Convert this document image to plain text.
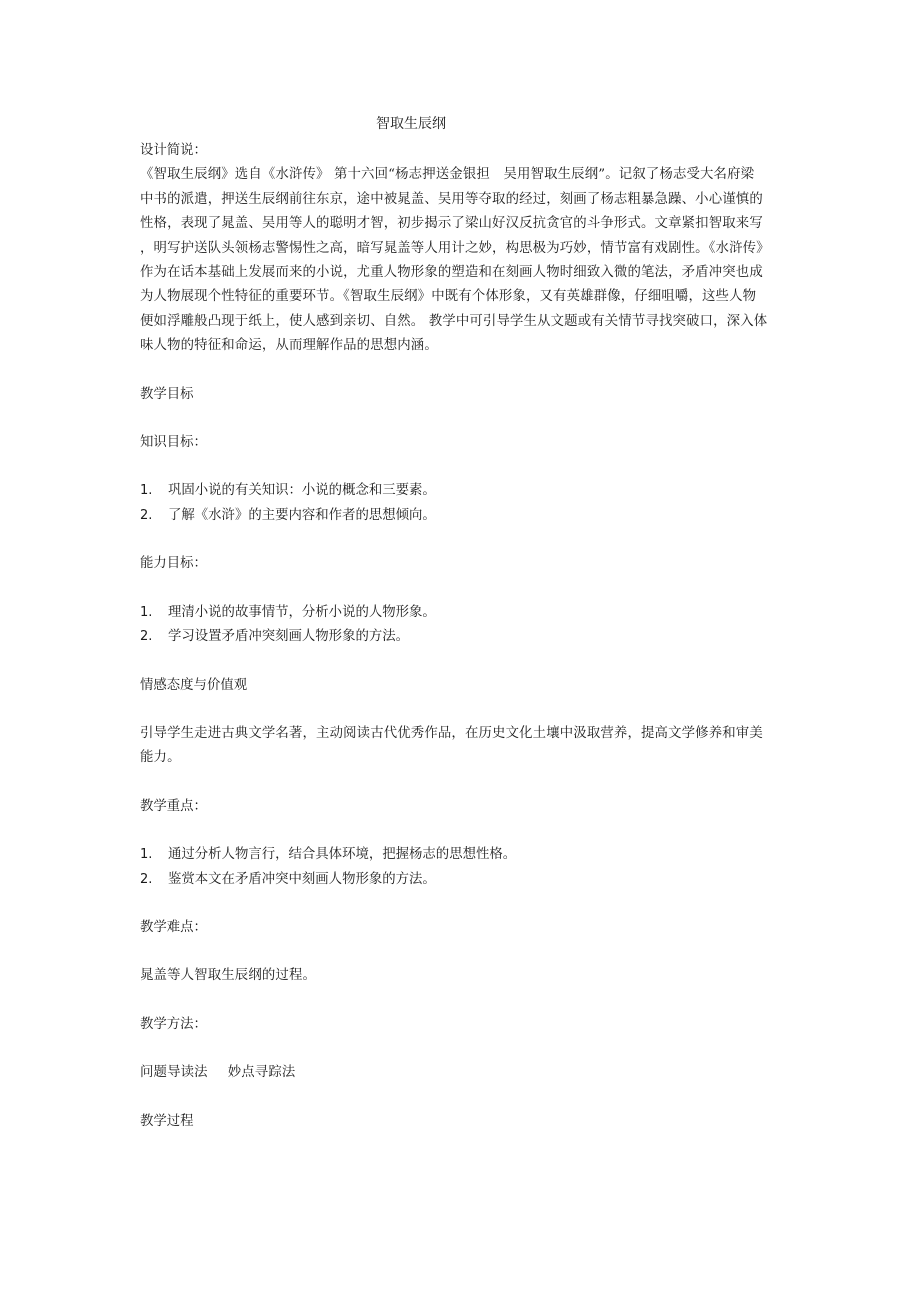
智取生辰纲
设计简说：
《智取生辰纲》选自《水浒传》 第十六回“杨志押送金银担　吴用智取生辰纲”。记叙了杨志受大名府梁
中书的派遣，押送生辰纲前往东京，途中被晁盖、吴用等夺取的经过，刻画了杨志粗暴急躁、小心谨慎的
性格，表现了晁盖、吴用等人的聪明才智，初步揭示了梁山好汉反抗贪官的斗争形式。文章紧扣智取来写
，明写护送队头领杨志警惕性之高，暗写晁盖等人用计之妙，构思极为巧妙，情节富有戏剧性。《水浒传》
作为在话本基础上发展而来的小说，尤重人物形象的塑造和在刻画人物时细致入微的笔法，矛盾冲突也成
为人物展现个性特征的重要环节。《智取生辰纲》中既有个体形象，又有英雄群像，仔细咀嚼，这些人物
便如浮雕般凸现于纸上，使人感到亲切、自然。 教学中可引导学生从文题或有关情节寻找突破口，深入体
味人物的特征和命运，从而理解作品的思想内涵。
教学目标
知识目标：
1.	巩固小说的有关知识：小说的概念和三要素。
2.	了解《水浒》的主要内容和作者的思想倾向。
能力目标：
1.	理清小说的故事情节，分析小说的人物形象。
2.	学习设置矛盾冲突刻画人物形象的方法。
情感态度与价值观
引导学生走进古典文学名著，主动阅读古代优秀作品，在历史文化土壤中汲取营养，提高文学修养和审美
能力。
教学重点：
1.	通过分析人物言行，结合具体环境，把握杨志的思想性格。
2.	鉴赏本文在矛盾冲突中刻画人物形象的方法。
教学难点：
晁盖等人智取生辰纲的过程。
教学方法：
问题导读法 妙点寻踪法
教学过程
